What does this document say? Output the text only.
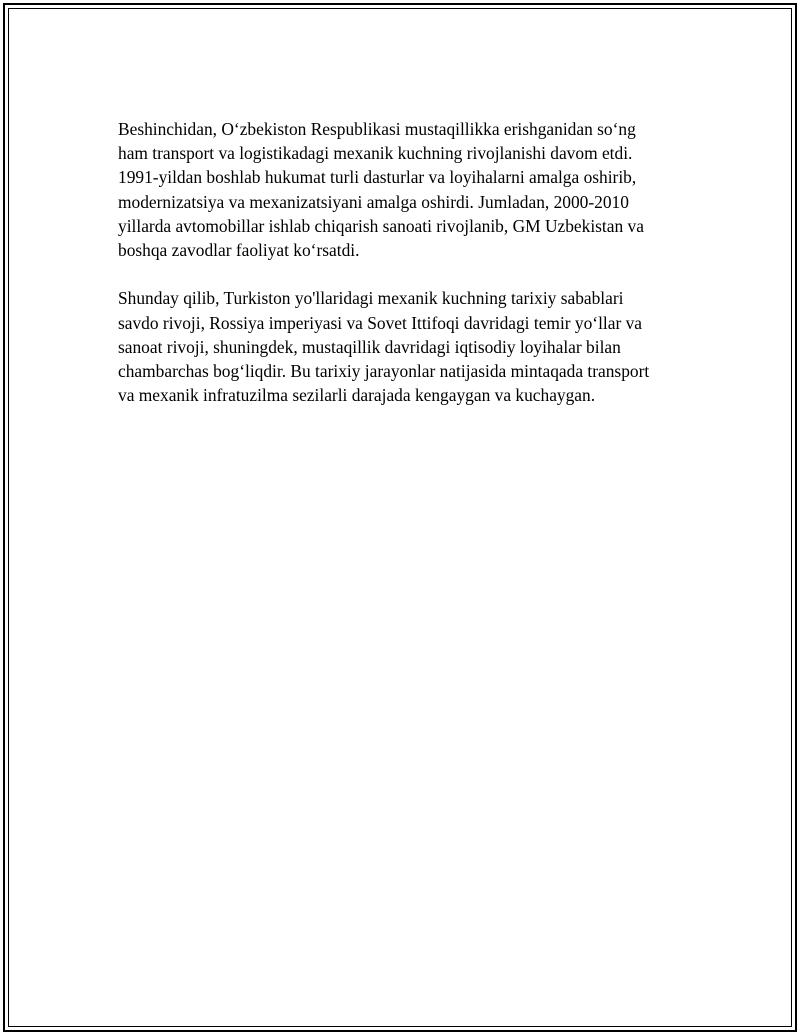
Beshinchidan, O‘zbekiston Respublikasi mustaqillikka erishganidan so‘ng
ham transport va logistikadagi mexanik kuchning rivojlanishi davom etdi.
1991-yildan boshlab hukumat turli dasturlar va loyihalarni amalga oshirib,
modernizatsiya va mexanizatsiyani amalga oshirdi. Jumladan, 2000-2010
yillarda avtomobillar ishlab chiqarish sanoati rivojlanib, GM Uzbekistan va
boshqa zavodlar faoliyat ko‘rsatdi.

Shunday qilib, Turkiston yo'llaridagi mexanik kuchning tarixiy sabablari
savdo rivoji, Rossiya imperiyasi va Sovet Ittifoqi davridagi temir yo‘llar va
sanoat rivoji, shuningdek, mustaqillik davridagi iqtisodiy loyihalar bilan
chambarchas bog‘liqdir. Bu tarixiy jarayonlar natijasida mintaqada transport
va mexanik infratuzilma sezilarli darajada kengaygan va kuchaygan.
